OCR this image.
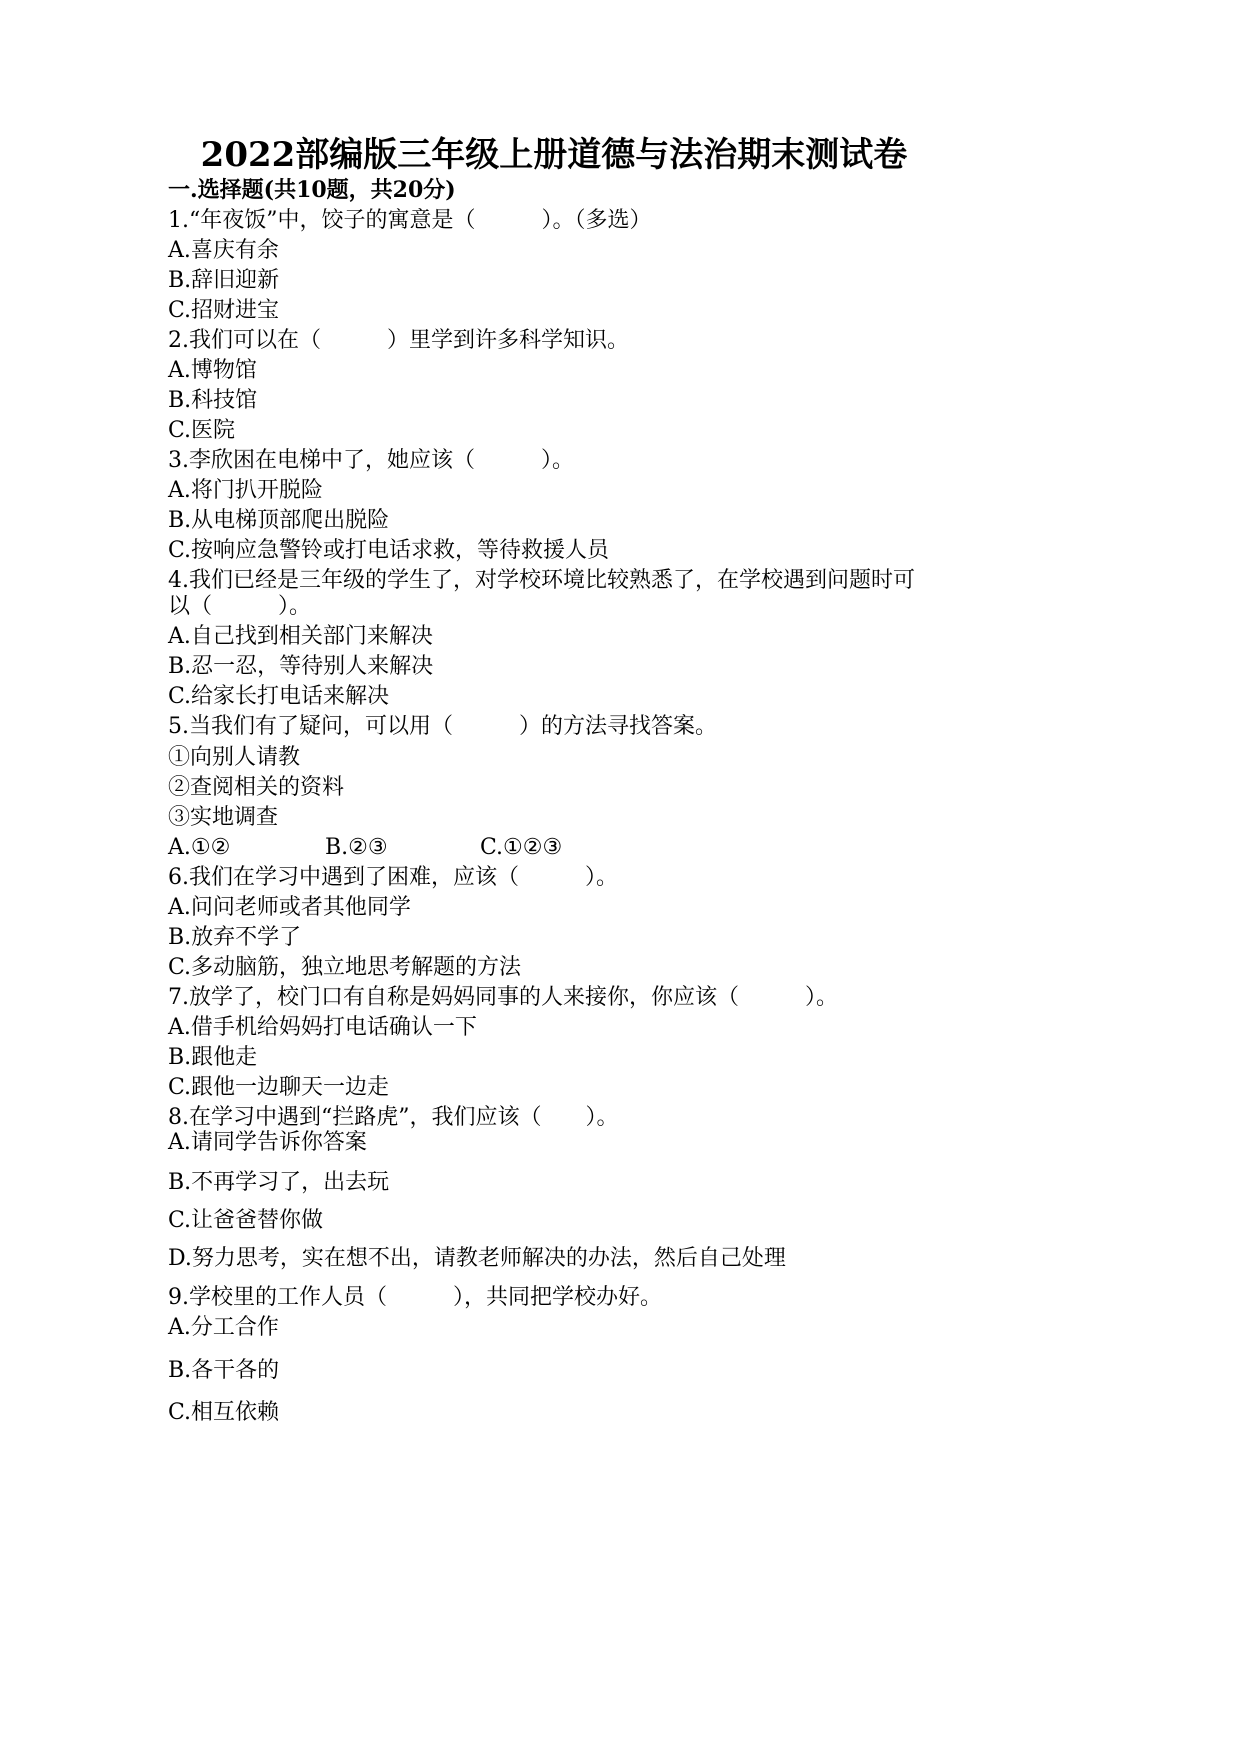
2022部编版三年级上册道德与法治期末测试卷
一.选择题(共10题，共20分)
1.“年夜饭”中，饺子的寓意是（　　　）。（多选）
A.喜庆有余
B.辞旧迎新
C.招财进宝
2.我们可以在（　　　）里学到许多科学知识。
A.博物馆
B.科技馆
C.医院
3.李欣困在电梯中了，她应该（　　　）。
A.将门扒开脱险
B.从电梯顶部爬出脱险
C.按响应急警铃或打电话求救，等待救援人员
4.我们已经是三年级的学生了，对学校环境比较熟悉了，在学校遇到问题时可
以（　　　）。
A.自己找到相关部门来解决
B.忍一忍，等待别人来解决
C.给家长打电话来解决
5.当我们有了疑问，可以用（　　　）的方法寻找答案。
①向别人请教
②查阅相关的资料
③实地调查
A.①②	B.②③	C.①②③
6.我们在学习中遇到了困难，应该（　　　）。
A.问问老师或者其他同学
B.放弃不学了
C.多动脑筋，独立地思考解题的方法
7.放学了，校门口有自称是妈妈同事的人来接你，你应该（　　　）。
A.借手机给妈妈打电话确认一下
B.跟他走
C.跟他一边聊天一边走
8.在学习中遇到“拦路虎”，我们应该（　　）。
A.请同学告诉你答案
B.不再学习了，出去玩
C.让爸爸替你做
D.努力思考，实在想不出，请教老师解决的办法，然后自己处理
9.学校里的工作人员（　　　），共同把学校办好。
A.分工合作
B.各干各的
C.相互依赖
